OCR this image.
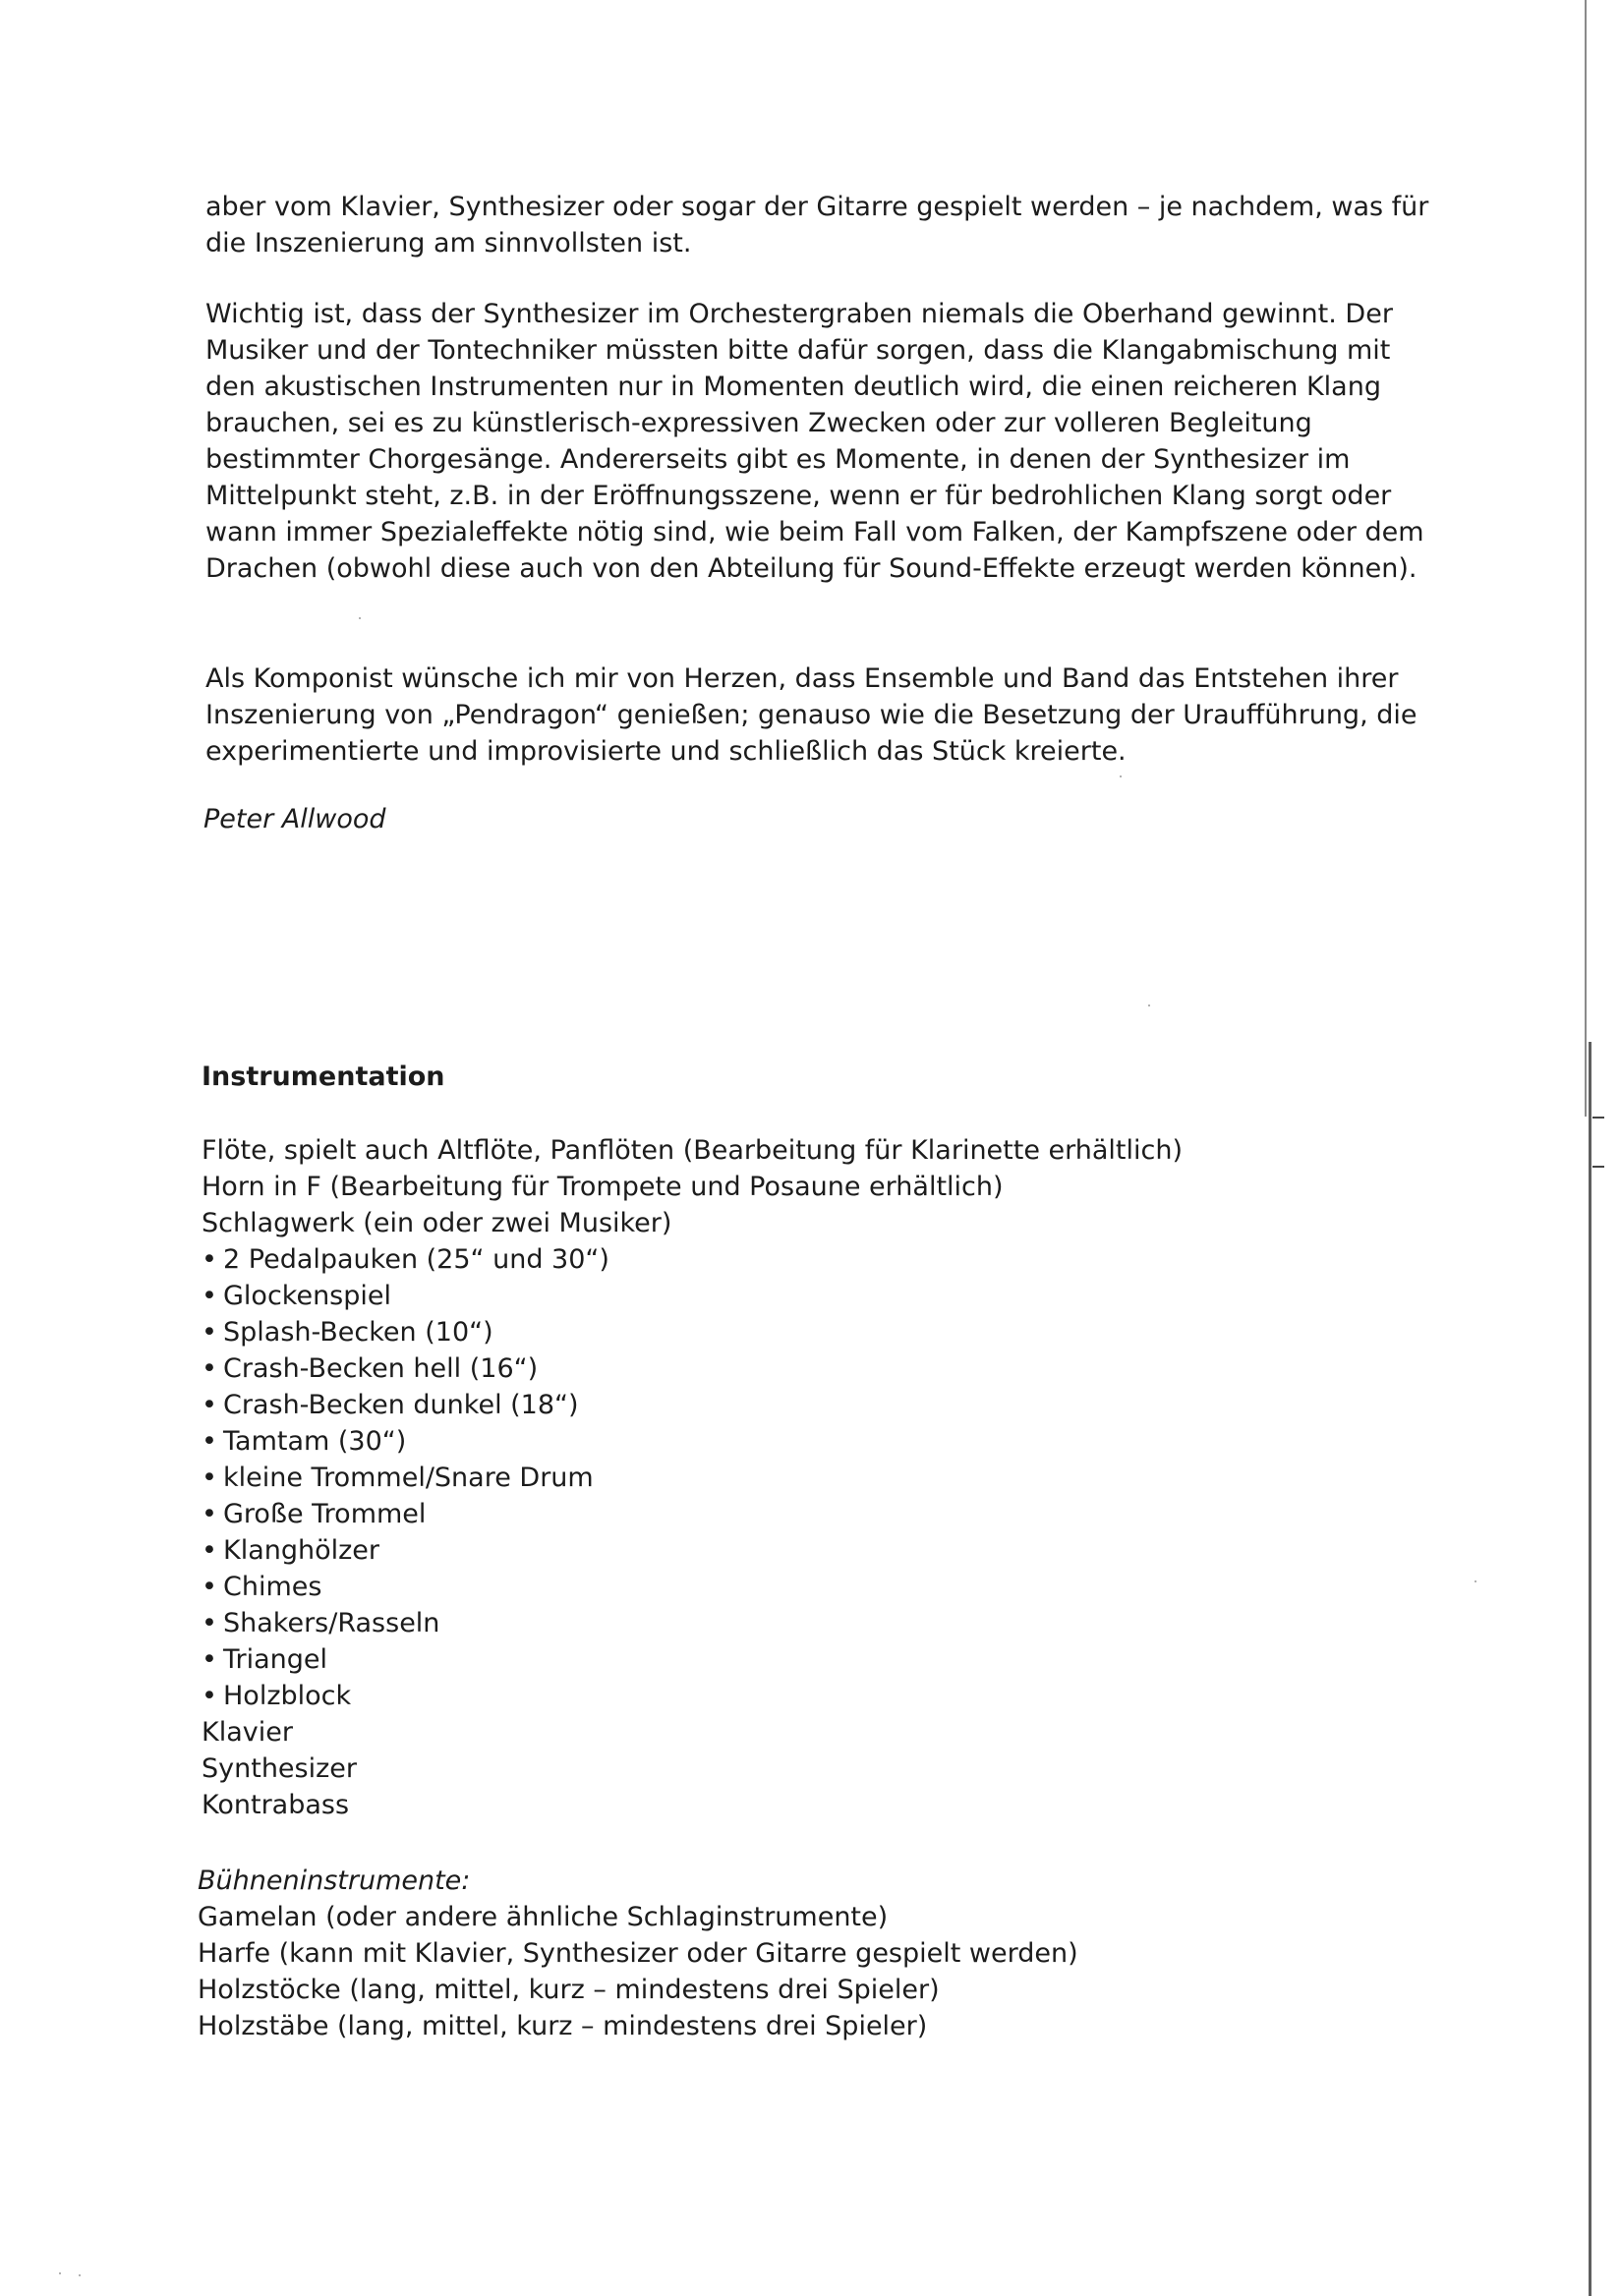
aber vom Klavier, Synthesizer oder sogar der Gitarre gespielt werden – je nachdem, was für die Inszenierung am sinnvollsten ist.

Wichtig ist, dass der Synthesizer im Orchestergraben niemals die Oberhand gewinnt. Der Musiker und der Tontechniker müssten bitte dafür sorgen, dass die Klangabmischung mit den akustischen Instrumenten nur in Momenten deutlich wird, die einen reicheren Klang brauchen, sei es zu künstlerisch-expressiven Zwecken oder zur volleren Begleitung bestimmter Chorgesänge. Andererseits gibt es Momente, in denen der Synthesizer im Mittelpunkt steht, z.B. in der Eröffnungsszene, wenn er für bedrohlichen Klang sorgt oder wann immer Spezialeffekte nötig sind, wie beim Fall vom Falken, der Kampfszene oder dem Drachen (obwohl diese auch von den Abteilung für Sound-Effekte erzeugt werden können).

Als Komponist wünsche ich mir von Herzen, dass Ensemble und Band das Entstehen ihrer Inszenierung von „Pendragon“ genießen; genauso wie die Besetzung der Uraufführung, die experimentierte und improvisierte und schließlich das Stück kreierte.

Peter Allwood

Instrumentation
Flöte, spielt auch Altflöte, Panflöten (Bearbeitung für Klarinette erhältlich)
Horn in F (Bearbeitung für Trompete und Posaune erhältlich)
Schlagwerk (ein oder zwei Musiker)
• 2 Pedalpauken (25“ und 30“)
• Glockenspiel
• Splash-Becken (10“)
• Crash-Becken hell (16“)
• Crash-Becken dunkel (18“)
• Tamtam (30“)
• kleine Trommel/Snare Drum
• Große Trommel
• Klanghölzer
• Chimes
• Shakers/Rasseln
• Triangel
• Holzblock
Klavier
Synthesizer
Kontrabass

Bühneninstrumente:

Gamelan (oder andere ähnliche Schlaginstrumente)
Harfe (kann mit Klavier, Synthesizer oder Gitarre gespielt werden)
Holzstöcke (lang, mittel, kurz – mindestens drei Spieler)
Holzstäbe (lang, mittel, kurz – mindestens drei Spieler)
